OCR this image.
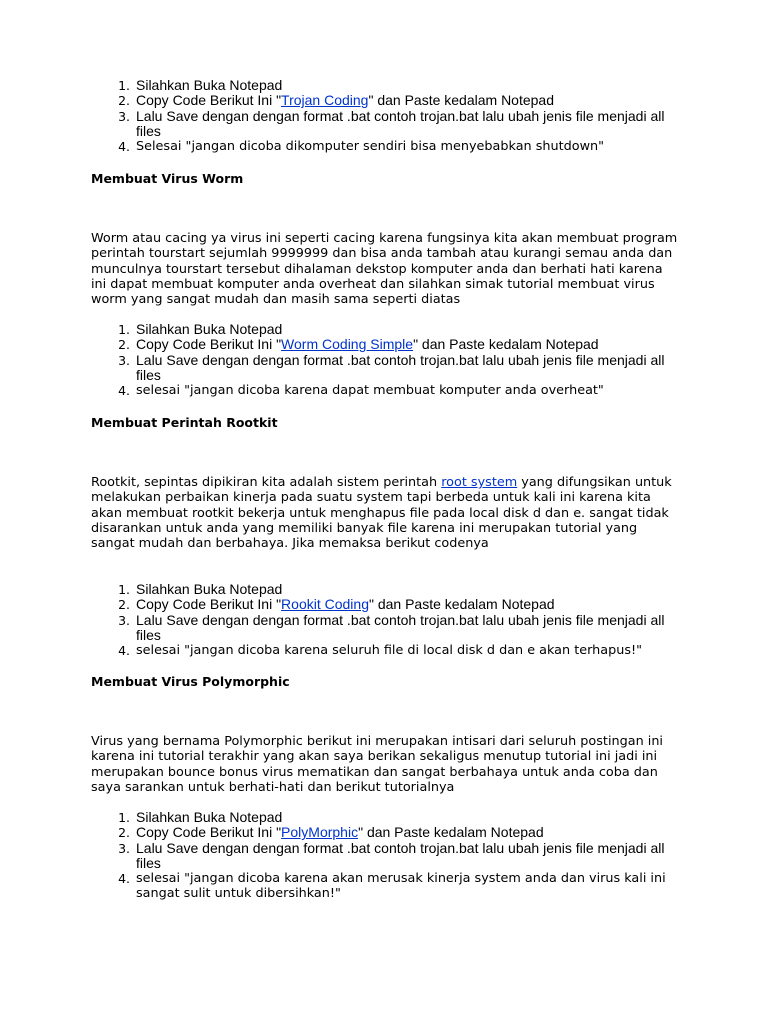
Silahkan Buka Notepad
Copy Code Berikut Ini "Trojan Coding" dan Paste kedalam Notepad
Lalu Save dengan dengan format .bat contoh trojan.bat lalu ubah jenis file menjadi all files
Selesai "jangan dicoba dikomputer sendiri bisa menyebabkan shutdown"
Membuat Virus Worm

Worm atau cacing ya virus ini seperti cacing karena fungsinya kita akan membuat program perintah tourstart sejumlah 9999999 dan bisa anda tambah atau kurangi semau anda dan munculnya tourstart tersebut dihalaman dekstop komputer anda dan berhati hati karena ini dapat membuat komputer anda overheat dan silahkan simak tutorial membuat virus worm yang sangat mudah dan masih sama seperti diatas

Silahkan Buka Notepad
Copy Code Berikut Ini "Worm Coding Simple" dan Paste kedalam Notepad
Lalu Save dengan dengan format .bat contoh trojan.bat lalu ubah jenis file menjadi all files
selesai "jangan dicoba karena dapat membuat komputer anda overheat"
Membuat Perintah Rootkit

Rootkit, sepintas dipikiran kita adalah sistem perintah root system yang difungsikan untuk melakukan perbaikan kinerja pada suatu system tapi berbeda untuk kali ini karena kita akan membuat rootkit bekerja untuk menghapus file pada local disk d dan e. sangat tidak disarankan untuk anda yang memiliki banyak file karena ini merupakan tutorial yang sangat mudah dan berbahaya. Jika memaksa berikut codenya

Silahkan Buka Notepad
Copy Code Berikut Ini "Rookit Coding" dan Paste kedalam Notepad
Lalu Save dengan dengan format .bat contoh trojan.bat lalu ubah jenis file menjadi all files
selesai "jangan dicoba karena seluruh file di local disk d dan e akan terhapus!"
Membuat Virus Polymorphic

Virus yang bernama Polymorphic berikut ini merupakan intisari dari seluruh postingan ini karena ini tutorial terakhir yang akan saya berikan sekaligus menutup tutorial ini jadi ini merupakan bounce bonus virus mematikan dan sangat berbahaya untuk anda coba dan saya sarankan untuk berhati-hati dan berikut tutorialnya

Silahkan Buka Notepad
Copy Code Berikut Ini "PolyMorphic" dan Paste kedalam Notepad
Lalu Save dengan dengan format .bat contoh trojan.bat lalu ubah jenis file menjadi all files
selesai "jangan dicoba karena akan merusak kinerja system anda dan virus kali ini sangat sulit untuk dibersihkan!"
